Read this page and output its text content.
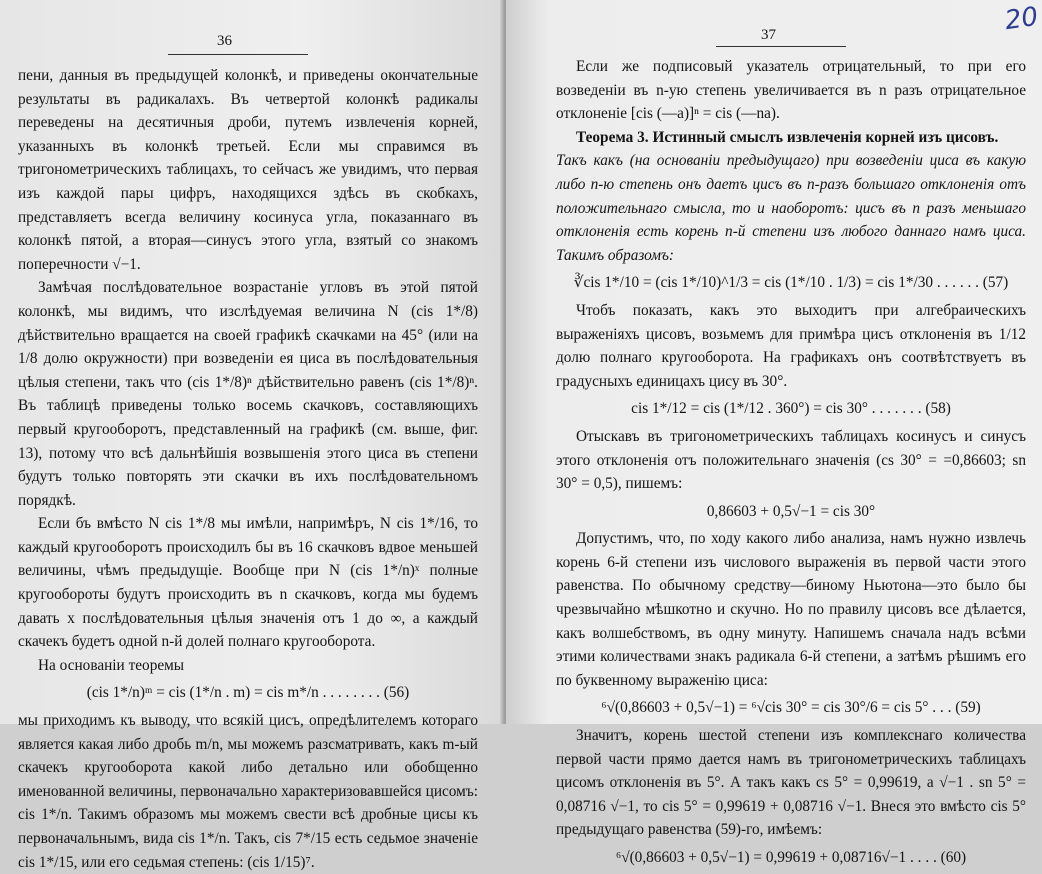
36

пени, данныя въ предыдущей колонкѣ, и приведены окончательные результаты въ радикалахъ. Въ четвертой колонкѣ радикалы переведены на десятичныя дроби, путемъ извлеченія корней, указанныхъ въ колонкѣ третьей. Если мы справимся въ тригонометрическихъ таблицахъ, то сейчасъ же увидимъ, что первая изъ каждой пары цифръ, находящихся здѣсь въ скобкахъ, представляетъ всегда величину косинуса угла, показаннаго въ колонкѣ пятой, а вторая—синусъ этого угла, взятый со знакомъ поперечности √−1.

Замѣчая послѣдовательное возрастаніе угловъ въ этой пятой колонкѣ, мы видимъ, что изслѣдуемая величина N (cis 1*/8) дѣйствительно вращается на своей графикѣ скачками на 45° (или на 1/8 долю окружности) при возведеніи ея циса въ послѣдовательныя цѣлыя степени, такъ что (cis 1*/8)ⁿ дѣйствительно равенъ (cis 1*/8)ⁿ. Въ таблицѣ приведены только восемь скачковъ, составляющихъ первый кругооборотъ, представленный на графикѣ (см. выше, фиг. 13), потому что всѣ дальнѣйшія возвышенія этого циса въ степени будутъ только повторять эти скачки въ ихъ послѣдовательномъ порядкѣ.

Если бъ вмѣсто N cis 1*/8 мы имѣли, напримѣръ, N cis 1*/16, то каждый кругооборотъ происходилъ бы въ 16 скачковъ вдвое меньшей величины, чѣмъ предыдущіе. Вообще при N (cis 1*/n)ˣ полные кругообороты будутъ происходить въ n скачковъ, когда мы будемъ давать x послѣдовательныя цѣлыя значенія отъ 1 до ∞, а каждый скачекъ будетъ одной n-й долей полнаго кругооборота.

На основаніи теоремы

(cis 1*/n)ᵐ = cis (1*/n . m) = cis m*/n . . . . . . . . (56)

мы приходимъ къ выводу, что всякій цисъ, опредѣлителемъ котораго является какая либо дробь m/n, мы можемъ разсматривать, какъ m-ый скачекъ кругооборота какой либо детально или обобщенно именованной величины, первоначально характеризовавшейся цисомъ: cis 1*/n. Такимъ образомъ мы можемъ свести всѣ дробные цисы къ первоначальнымъ, вида cis 1*/n. Такъ, cis 7*/15 есть седьмое значеніе cis 1*/15, или его седьмая степень: (cis 1/15)⁷.

37	20

Если же подписовый указатель отрицательный, то при его возведеніи въ n-ую степень увеличивается въ n разъ отрицательное отклоненіе [cis (—a)]ⁿ = cis (—na).

Теорема 3. Истинный смыслъ извлеченія корней изъ цисовъ.

Такъ какъ (на основаніи предыдущаго) при возведеніи циса въ какую либо n-ю степень онъ даетъ цисъ въ n-разъ большаго отклоненія отъ положительнаго смысла, то и наоборотъ: цисъ въ n разъ меньшаго отклоненія есть корень n-й степени изъ любого даннаго намъ циса. Такимъ образомъ:

∛cis 1*/10 = (cis 1*/10)^1/3 = cis (1*/10 . 1/3) = cis 1*/30 . . . . . . (57)

Чтобъ показать, какъ это выходитъ при алгебраическихъ выраженіяхъ цисовъ, возьмемъ для примѣра цисъ отклоненія въ 1/12 долю полнаго кругооборота. На графикахъ онъ соотвѣтствуетъ въ градусныхъ единицахъ цису въ 30°.

cis 1*/12 = cis (1*/12 . 360°) = cis 30° . . . . . . . (58)

Отыскавъ въ тригонометрическихъ таблицахъ косинусъ и синусъ этого отклоненія отъ положительнаго значенія (cs 30° = =0,86603; sn 30° = 0,5), пишемъ:

0,86603 + 0,5√−1 = cis 30°

Допустимъ, что, по ходу какого либо анализа, намъ нужно извлечь корень 6-й степени изъ числового выраженія въ первой части этого равенства. По обычному средству—биному Ньютона—это было бы чрезвычайно мѣшкотно и скучно. Но по правилу цисовъ все дѣлается, какъ волшебствомъ, въ одну минуту. Напишемъ сначала надъ всѣми этими количествами знакъ радикала 6-й степени, а затѣмъ рѣшимъ его по буквенному выраженію циса:

⁶√(0,86603 + 0,5√−1) = ⁶√cis 30° = cis 30°/6 = cis 5° . . . (59)

Значитъ, корень шестой степени изъ комплекснаго количества первой части прямо дается намъ въ тригонометрическихъ таблицахъ цисомъ отклоненія въ 5°. А такъ какъ cs 5° = 0,99619, а √−1 . sn 5° = 0,08716 √−1, то cis 5° = 0,99619 + 0,08716 √−1. Внеся это вмѣсто cis 5° предыдущаго равенства (59)-го, имѣемъ:

⁶√(0,86603 + 0,5√−1) = 0,99619 + 0,08716√−1 . . . . (60)
